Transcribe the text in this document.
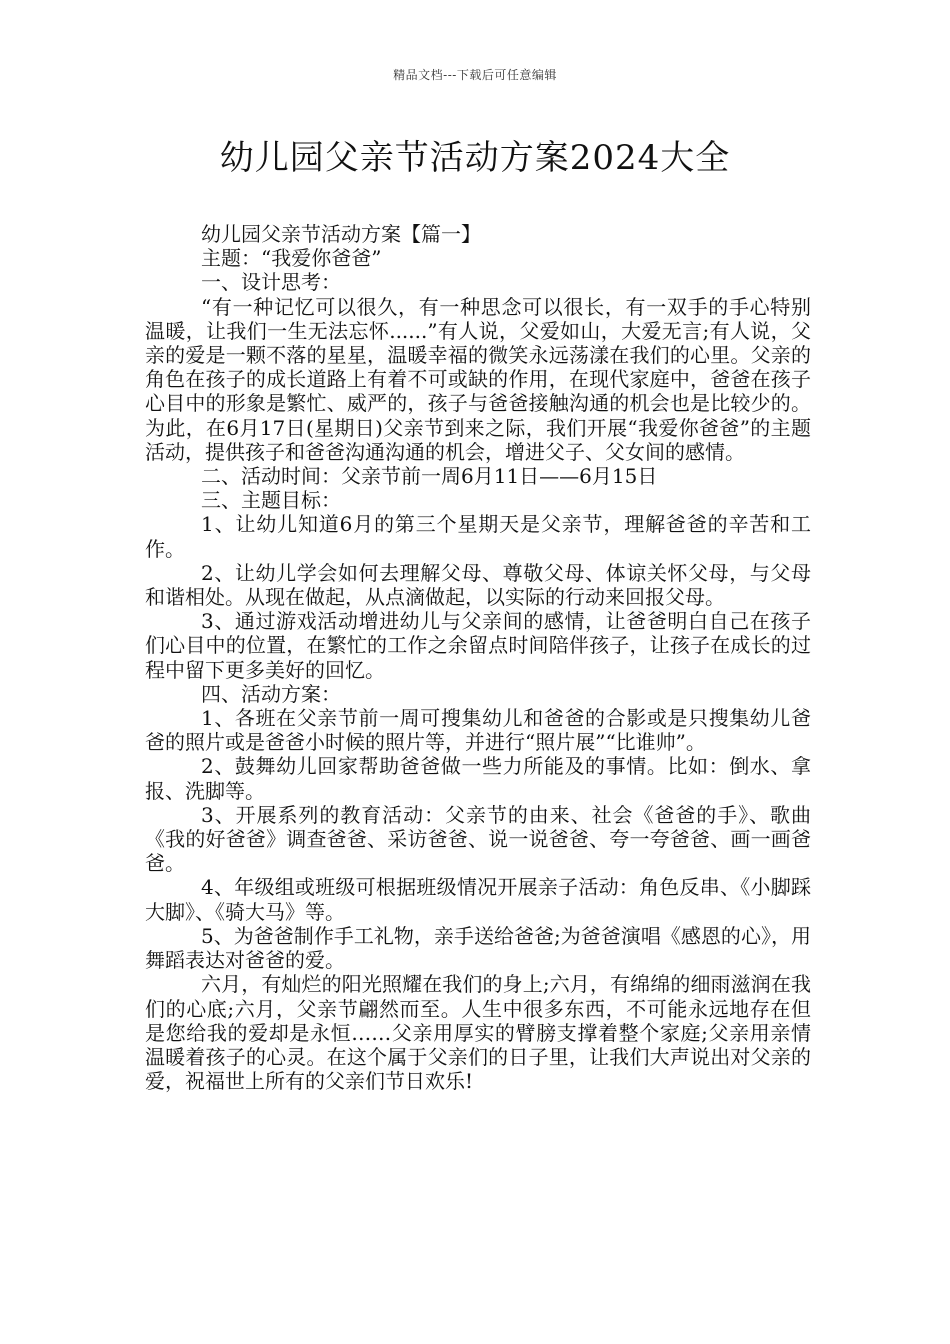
精品文档---下载后可任意编辑
幼儿园父亲节活动方案2024大全

幼儿园父亲节活动方案【篇一】

主题：“我爱你爸爸”

一、设计思考：

“有一种记忆可以很久，有一种思念可以很长，有一双手的手心特别温暖，让我们一生无法忘怀......”有人说，父爱如山，大爱无言;有人说，父亲的爱是一颗不落的星星，温暖幸福的微笑永远荡漾在我们的心里。父亲的角色在孩子的成长道路上有着不可或缺的作用，在现代家庭中，爸爸在孩子心目中的形象是繁忙、威严的，孩子与爸爸接触沟通的机会也是比较少的。为此，在6月17日(星期日)父亲节到来之际，我们开展“我爱你爸爸”的主题活动，提供孩子和爸爸沟通沟通的机会，增进父子、父女间的感情。

二、活动时间：父亲节前一周6月11日——6月15日

三、主题目标：

1、让幼儿知道6月的第三个星期天是父亲节，理解爸爸的辛苦和工作。

2、让幼儿学会如何去理解父母、尊敬父母、体谅关怀父母，与父母和谐相处。从现在做起，从点滴做起，以实际的行动来回报父母。

3、通过游戏活动增进幼儿与父亲间的感情，让爸爸明白自己在孩子们心目中的位置，在繁忙的工作之余留点时间陪伴孩子，让孩子在成长的过程中留下更多美好的回忆。

四、活动方案：

1、各班在父亲节前一周可搜集幼儿和爸爸的合影或是只搜集幼儿爸爸的照片或是爸爸小时候的照片等，并进行“照片展”“比谁帅”。

2、鼓舞幼儿回家帮助爸爸做一些力所能及的事情。比如：倒水、拿报、洗脚等。

3、开展系列的教育活动：父亲节的由来、社会《爸爸的手》、歌曲《我的好爸爸》调查爸爸、采访爸爸、说一说爸爸、夸一夸爸爸、画一画爸爸。

4、年级组或班级可根据班级情况开展亲子活动：角色反串、《小脚踩大脚》、《骑大马》等。

5、为爸爸制作手工礼物，亲手送给爸爸;为爸爸演唱《感恩的心》，用舞蹈表达对爸爸的爱。

六月，有灿烂的阳光照耀在我们的身上;六月，有绵绵的细雨滋润在我们的心底;六月，父亲节翩然而至。人生中很多东西，不可能永远地存在但是您给我的爱却是永恒……父亲用厚实的臂膀支撑着整个家庭;父亲用亲情温暖着孩子的心灵。在这个属于父亲们的日子里，让我们大声说出对父亲的爱，祝福世上所有的父亲们节日欢乐!
